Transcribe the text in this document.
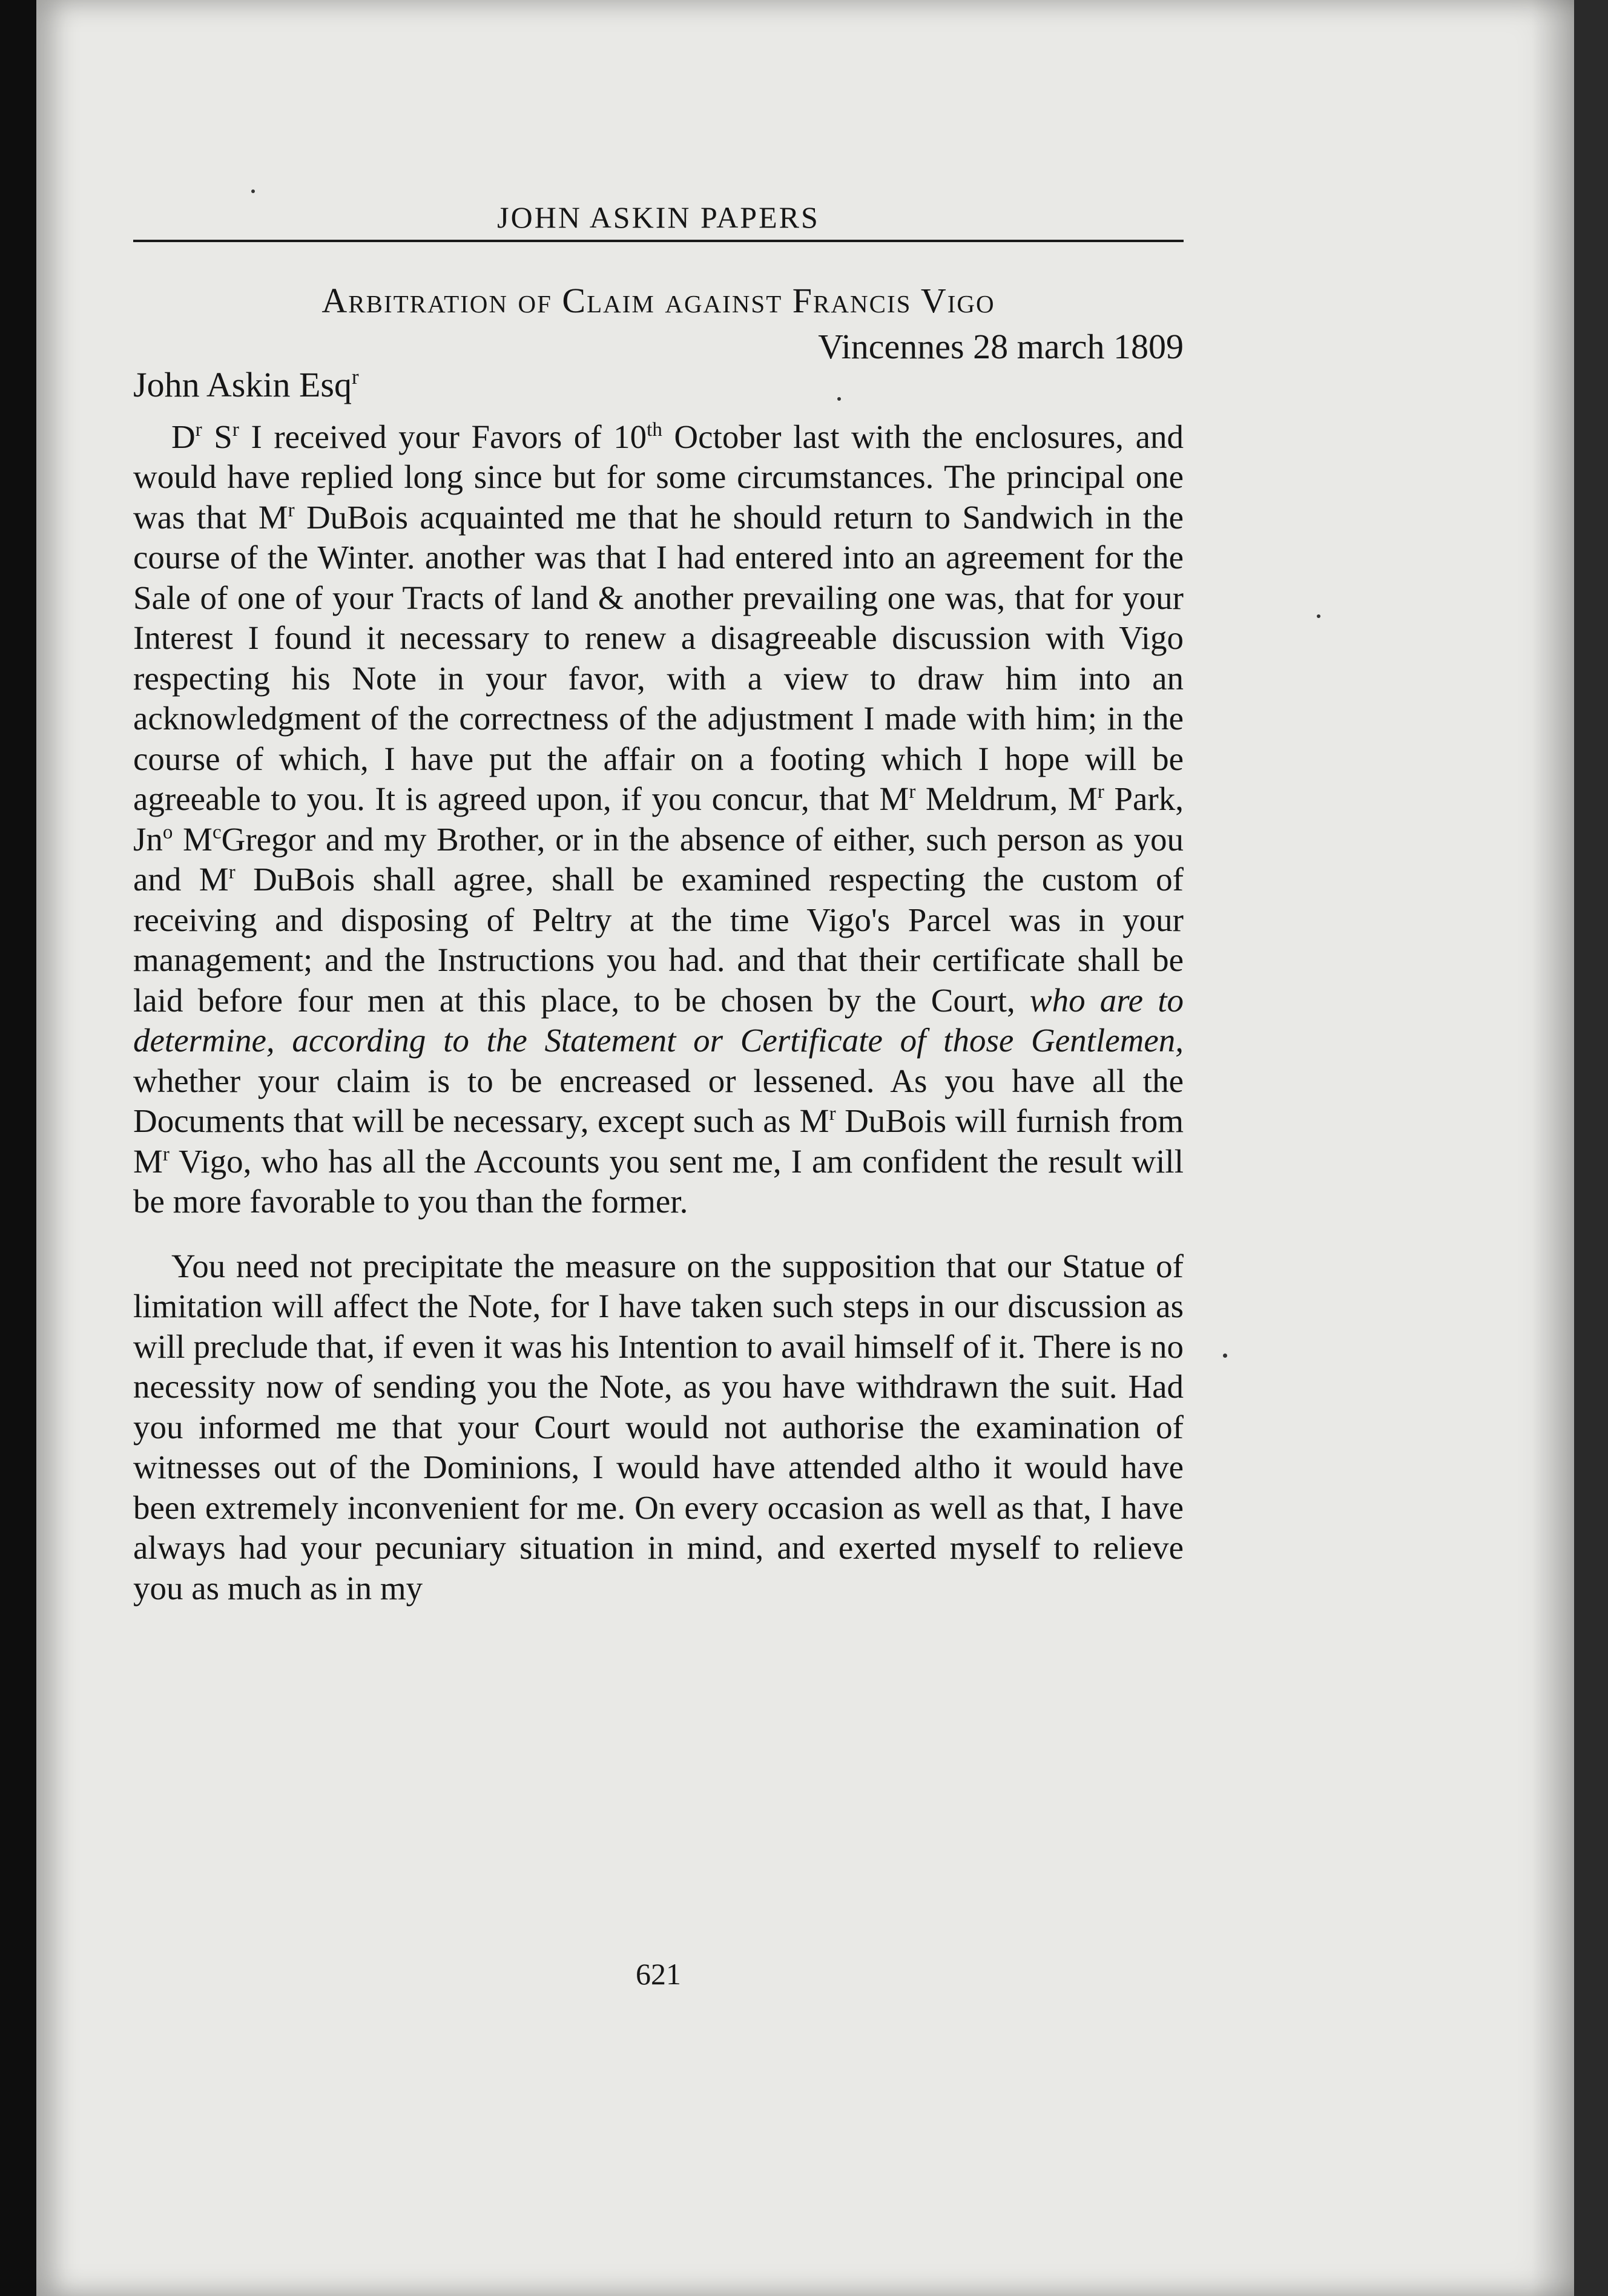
JOHN ASKIN PAPERS
Arbitration of Claim against Francis Vigo
Vincennes 28 march 1809
John Askin Esq$^r$

$D^r$ $S^r$ I received your Favors of 10th October last with the enclosures, and would have replied long since but for some circumstances. The principal one was that $M^r$ DuBois acquainted me that he should return to Sandwich in the course of the Winter. another was that I had entered into an agreement for the Sale of one of your Tracts of land & another prevailing one was, that for your Interest I found it necessary to renew a disagreeable discussion with Vigo respecting his Note in your favor, with a view to draw him into an acknowledgment of the correctness of the adjustment I made with him; in the course of which, I have put the affair on a footing which I hope will be agreeable to you. It is agreed upon, if you concur, that $M^r$ Meldrum, $M^r$ Park, Jn$^o$ $M^cGregor$ and my Brother, or in the absence of either, such person as you and $M^r$ DuBois shall agree, shall be examined respecting the custom of receiving and disposing of Peltry at the time Vigo's Parcel was in your management; and the Instructions you had. and that their certificate shall be laid before four men at this place, to be chosen by the Court, who are to determine, according to the Statement or Certificate of those Gentlemen, whether your claim is to be encreased or lessened. As you have all the Documents that will be necessary, except such as $M^r$ DuBois will furnish from $M^r$ Vigo, who has all the Accounts you sent me, I am confident the result will be more favorable to you than the former.

You need not precipitate the measure on the supposition that our Statue of limitation will affect the Note, for I have taken such steps in our discussion as will preclude that, if even it was his Intention to avail himself of it. There is no necessity now of sending you the Note, as you have withdrawn the suit. Had you informed me that your Court would not authorise the examination of witnesses out of the Dominions, I would have attended altho it would have been extremely inconvenient for me. On every occasion as well as that, I have always had your pecuniary situation in mind, and exerted myself to relieve you as much as in my

621
